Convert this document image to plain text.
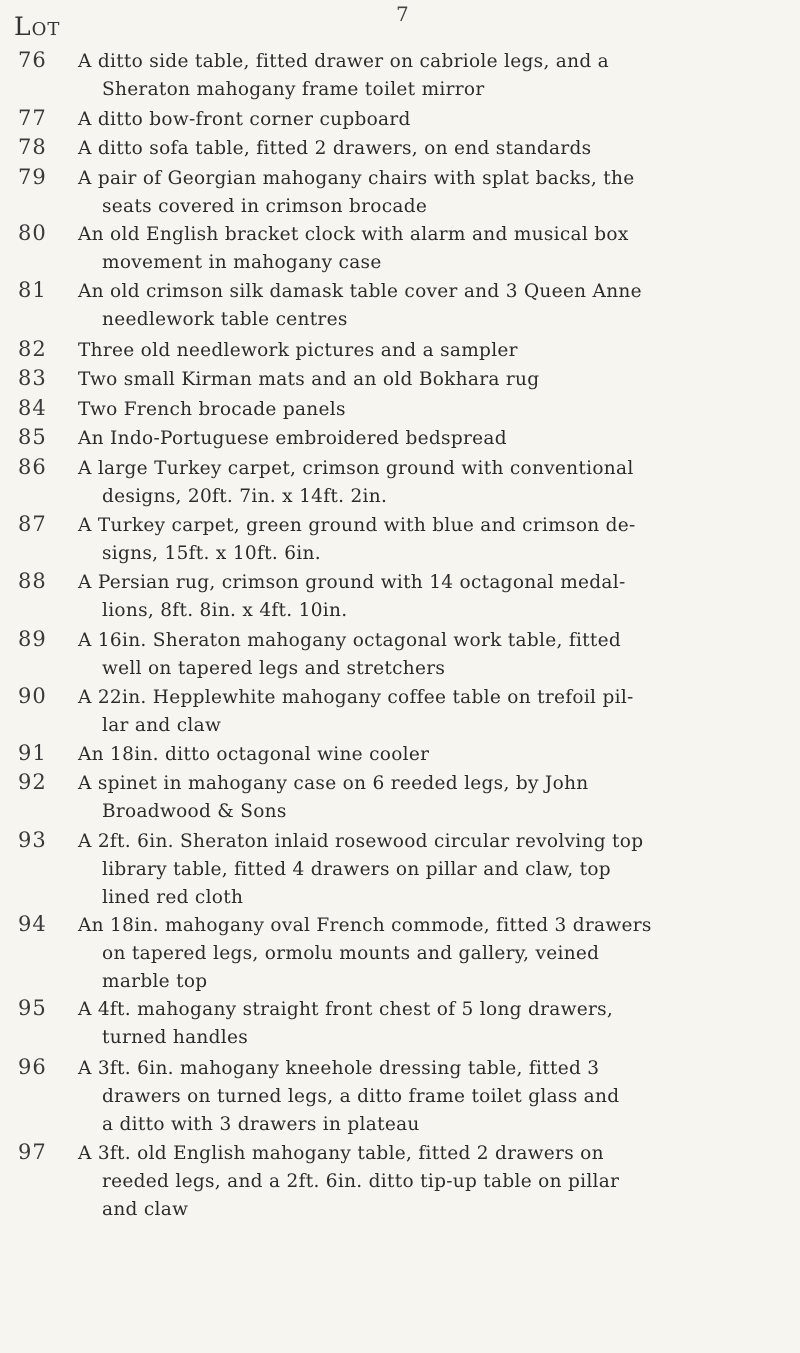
7
Lot
76 A ditto side table, fitted drawer on cabriole legs, and a
Sheraton mahogany frame toilet mirror
77 A ditto bow-front corner cupboard
78 A ditto sofa table, fitted 2 drawers, on end standards
79 A pair of Georgian mahogany chairs with splat backs, the
seats covered in crimson brocade
80 An old English bracket clock with alarm and musical box
movement in mahogany case
81 An old crimson silk damask table cover and 3 Queen Anne
needlework table centres
82 Three old needlework pictures and a sampler
83 Two small Kirman mats and an old Bokhara rug
84 Two French brocade panels
85 An Indo-Portuguese embroidered bedspread
86 A large Turkey carpet, crimson ground with conventional
designs, 20ft. 7in. x 14ft. 2in.
87 A Turkey carpet, green ground with blue and crimson de-
signs, 15ft. x 10ft. 6in.
88 A Persian rug, crimson ground with 14 octagonal medal-
lions, 8ft. 8in. x 4ft. 10in.
89 A 16in. Sheraton mahogany octagonal work table, fitted
well on tapered legs and stretchers
90 A 22in. Hepplewhite mahogany coffee table on trefoil pil-
lar and claw
91 An 18in. ditto octagonal wine cooler
92 A spinet in mahogany case on 6 reeded legs, by John
Broadwood & Sons
93 A 2ft. 6in. Sheraton inlaid rosewood circular revolving top
library table, fitted 4 drawers on pillar and claw, top
lined red cloth
94 An 18in. mahogany oval French commode, fitted 3 drawers
on tapered legs, ormolu mounts and gallery, veined
marble top
95 A 4ft. mahogany straight front chest of 5 long drawers,
turned handles
96 A 3ft. 6in. mahogany kneehole dressing table, fitted 3
drawers on turned legs, a ditto frame toilet glass and
a ditto with 3 drawers in plateau
97 A 3ft. old English mahogany table, fitted 2 drawers on
reeded legs, and a 2ft. 6in. ditto tip-up table on pillar
and claw
